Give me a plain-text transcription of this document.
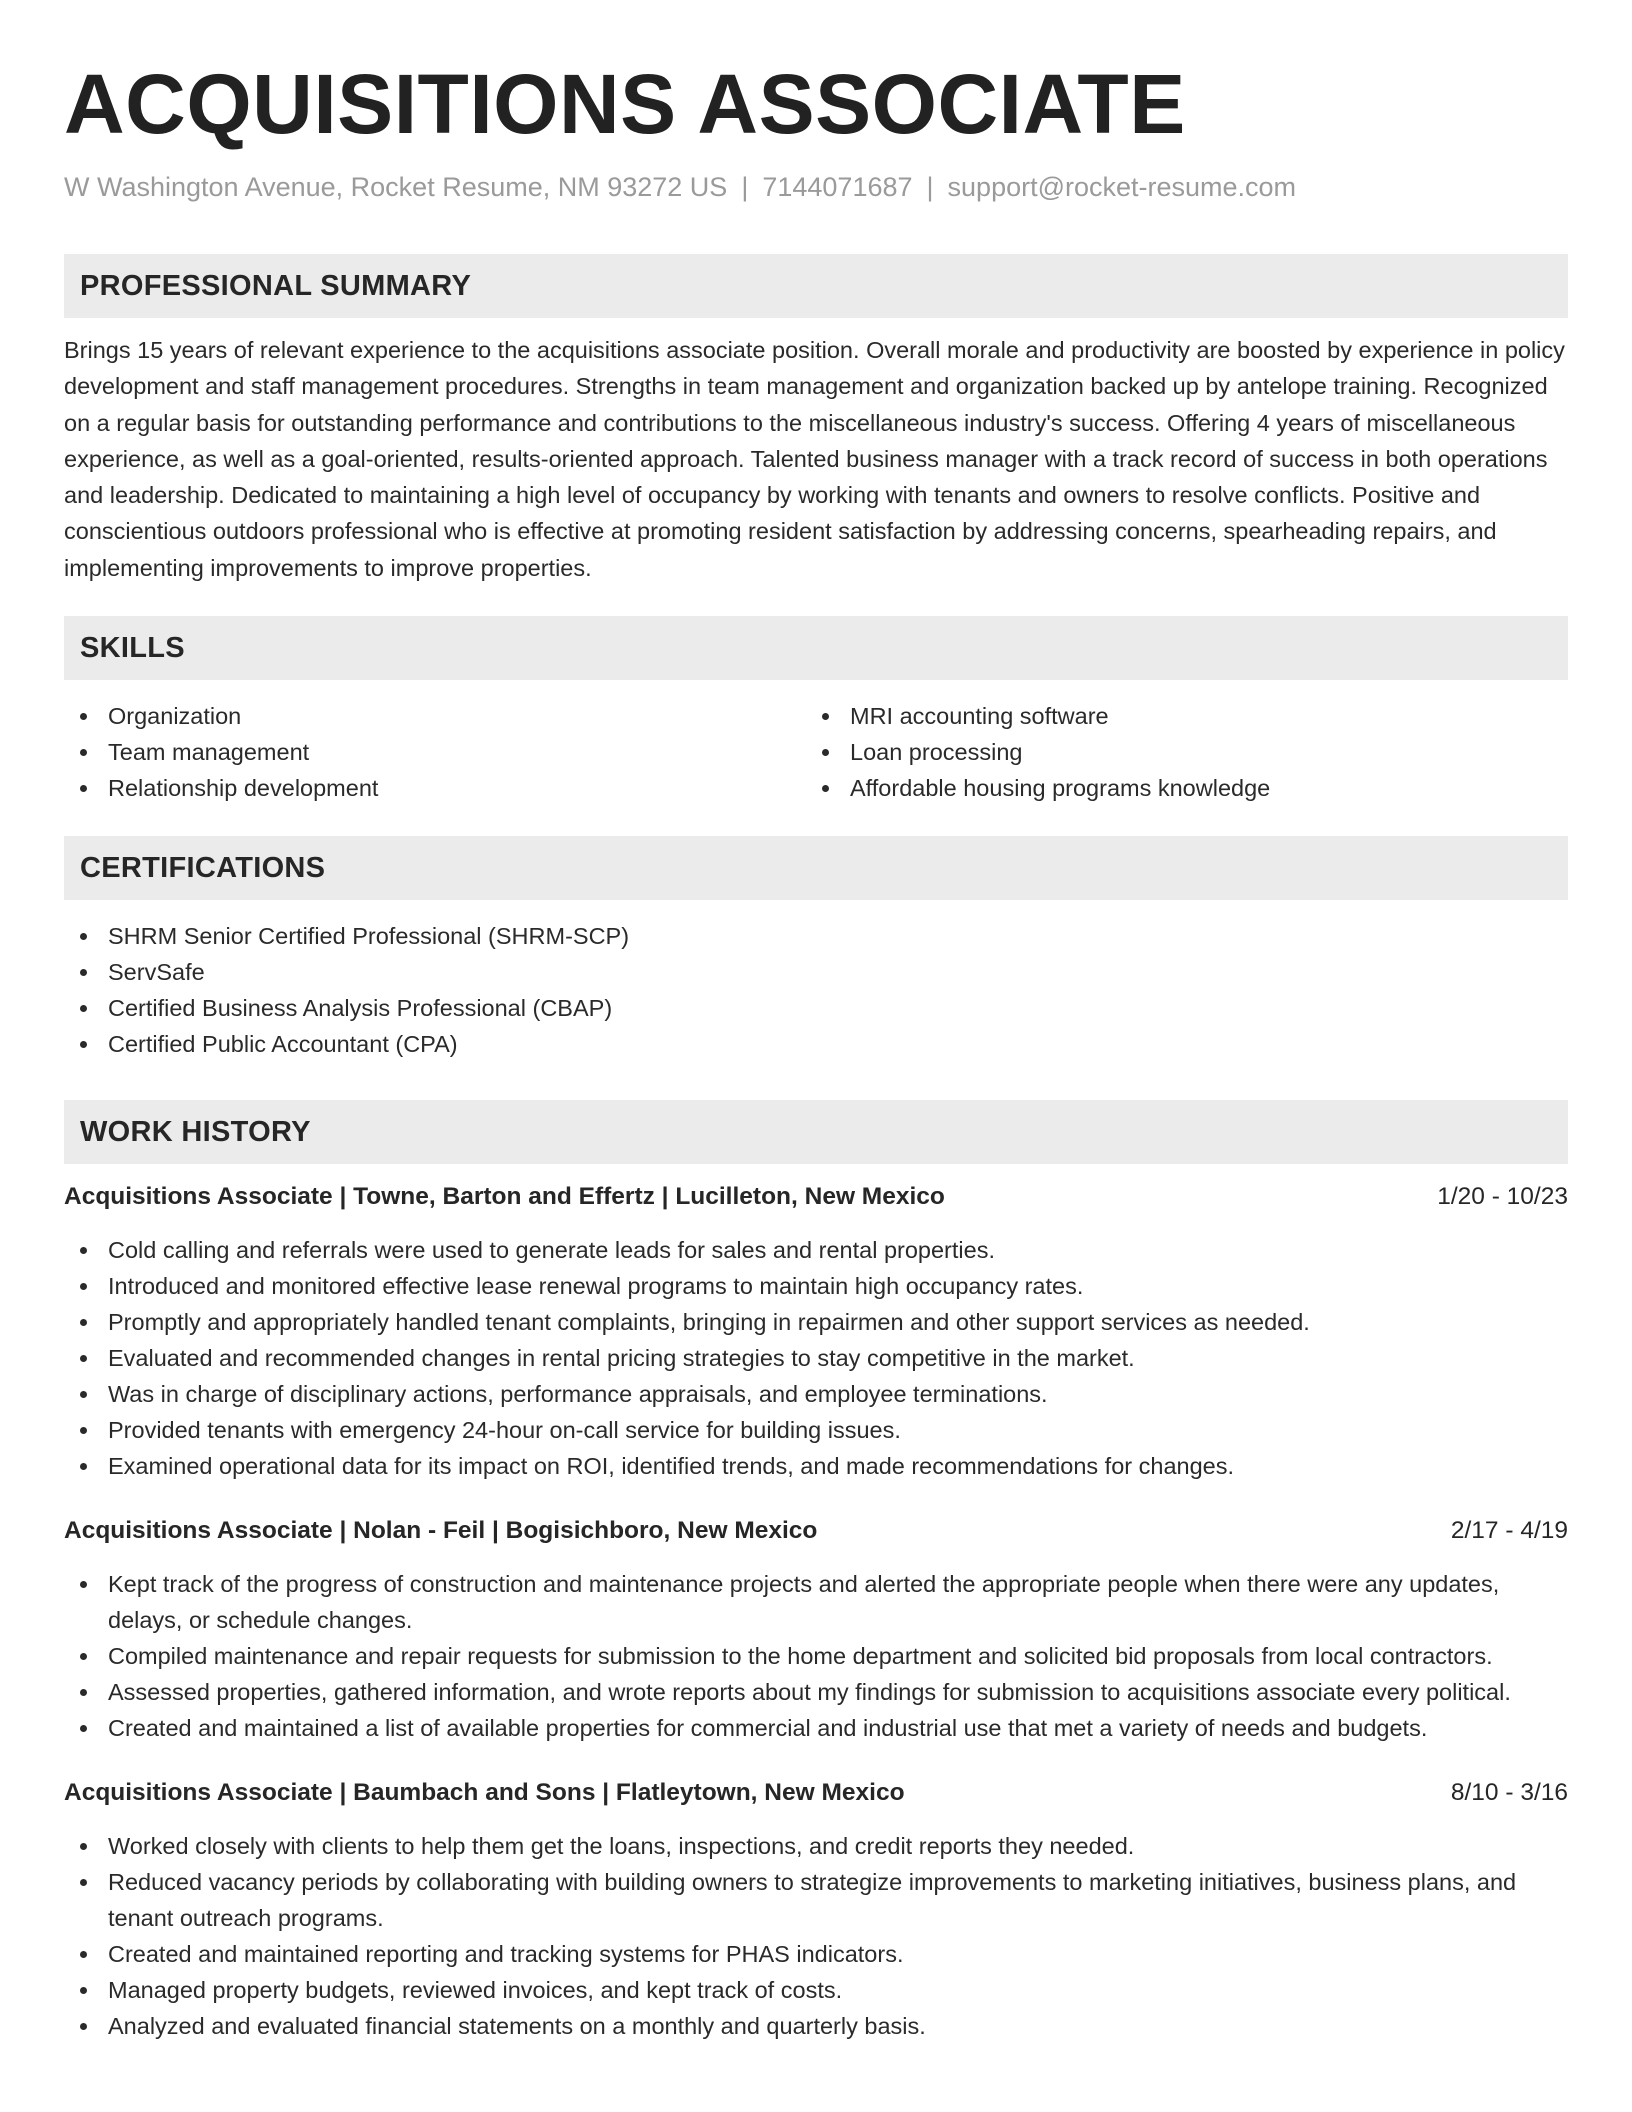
ACQUISITIONS ASSOCIATE
W Washington Avenue, Rocket Resume, NM 93272 US | 7144071687 | support@rocket-resume.com
PROFESSIONAL SUMMARY

Brings 15 years of relevant experience to the acquisitions associate position. Overall morale and productivity are boosted by experience in policy development and staff management procedures. Strengths in team management and organization backed up by antelope training. Recognized on a regular basis for outstanding performance and contributions to the miscellaneous industry's success. Offering 4 years of miscellaneous experience, as well as a goal-oriented, results-oriented approach. Talented business manager with a track record of success in both operations and leadership. Dedicated to maintaining a high level of occupancy by working with tenants and owners to resolve conflicts. Positive and conscientious outdoors professional who is effective at promoting resident satisfaction by addressing concerns, spearheading repairs, and implementing improvements to improve properties.

SKILLS
Organization
Team management
Relationship development
MRI accounting software
Loan processing
Affordable housing programs knowledge
CERTIFICATIONS
SHRM Senior Certified Professional (SHRM-SCP)
ServSafe
Certified Business Analysis Professional (CBAP)
Certified Public Accountant (CPA)
WORK HISTORY
Acquisitions Associate | Towne, Barton and Effertz | Lucilleton, New Mexico	1/20 - 10/23
Cold calling and referrals were used to generate leads for sales and rental properties.
Introduced and monitored effective lease renewal programs to maintain high occupancy rates.
Promptly and appropriately handled tenant complaints, bringing in repairmen and other support services as needed.
Evaluated and recommended changes in rental pricing strategies to stay competitive in the market.
Was in charge of disciplinary actions, performance appraisals, and employee terminations.
Provided tenants with emergency 24-hour on-call service for building issues.
Examined operational data for its impact on ROI, identified trends, and made recommendations for changes.
Acquisitions Associate | Nolan - Feil | Bogisichboro, New Mexico	2/17 - 4/19
Kept track of the progress of construction and maintenance projects and alerted the appropriate people when there were any updates, delays, or schedule changes.
Compiled maintenance and repair requests for submission to the home department and solicited bid proposals from local contractors.
Assessed properties, gathered information, and wrote reports about my findings for submission to acquisitions associate every political.
Created and maintained a list of available properties for commercial and industrial use that met a variety of needs and budgets.
Acquisitions Associate | Baumbach and Sons | Flatleytown, New Mexico	8/10 - 3/16
Worked closely with clients to help them get the loans, inspections, and credit reports they needed.
Reduced vacancy periods by collaborating with building owners to strategize improvements to marketing initiatives, business plans, and tenant outreach programs.
Created and maintained reporting and tracking systems for PHAS indicators.
Managed property budgets, reviewed invoices, and kept track of costs.
Analyzed and evaluated financial statements on a monthly and quarterly basis.
